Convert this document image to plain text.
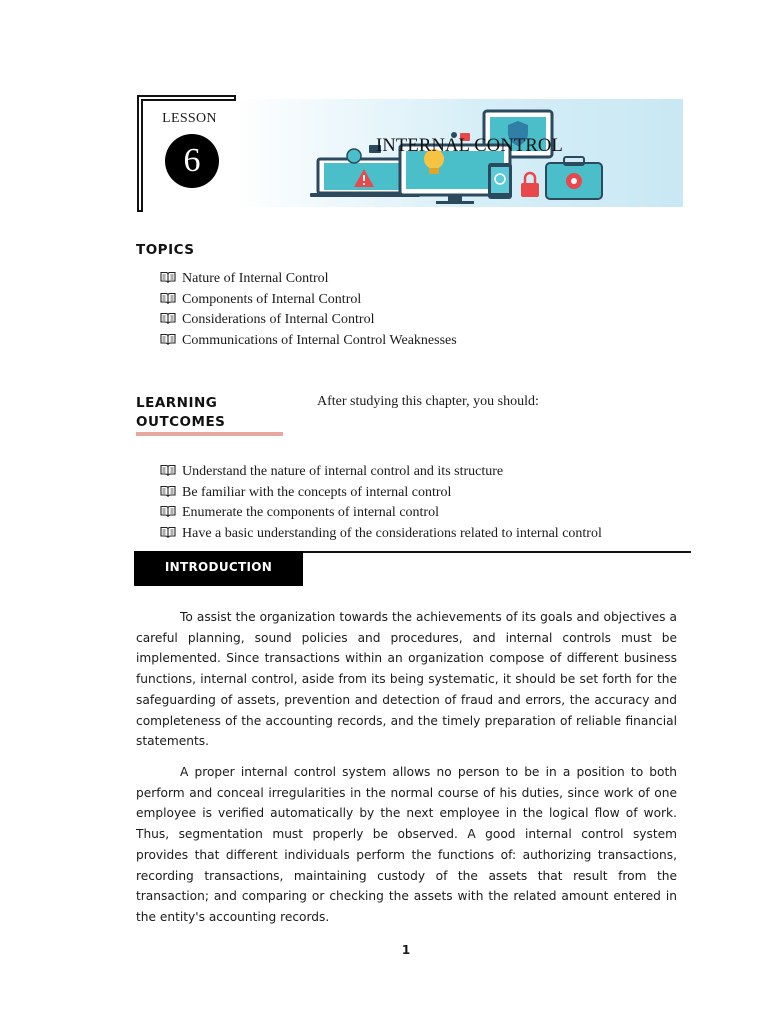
LESSON
6	INTERNAL CONTROL
TOPICS
Nature of Internal Control
Components of Internal Control
Considerations of Internal Control
Communications of Internal Control Weaknesses
LEARNING
OUTCOMES
After studying this chapter, you should:
Understand the nature of internal control and its structure
Be familiar with the concepts of internal control
Enumerate the components of internal control
Have a basic understanding of the considerations related to internal control
INTRODUCTION

To assist the organization towards the achievements of its goals and objectives a careful planning, sound policies and procedures, and internal controls must be implemented. Since transactions within an organization compose of different business functions, internal control, aside from its being systematic, it should be set forth for the safeguarding of assets, prevention and detection of fraud and errors, the accuracy and completeness of the accounting records, and the timely preparation of reliable financial statements.

A proper internal control system allows no person to be in a position to both perform and conceal irregularities in the normal course of his duties, since work of one employee is verified automatically by the next employee in the logical flow of work. Thus, segmentation must properly be observed. A good internal control system provides that different individuals perform the functions of: authorizing transactions, recording transactions, maintaining custody of the assets that result from the transaction; and comparing or checking the assets with the related amount entered in the entity's accounting records.

1
